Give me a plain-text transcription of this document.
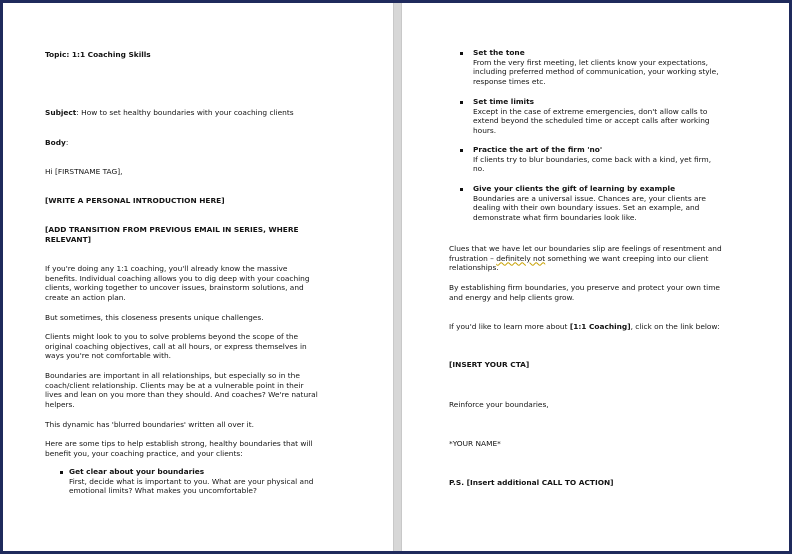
Topic: 1:1 Coaching Skills
Subject: How to set healthy boundaries with your coaching clients
Body:
Hi [FIRSTNAME TAG],
[WRITE A PERSONAL INTRODUCTION HERE]
[ADD TRANSITION FROM PREVIOUS EMAIL IN SERIES, WHERE
RELEVANT]
If you're doing any 1:1 coaching, you'll already know the massive
benefits. Individual coaching allows you to dig deep with your coaching
clients, working together to uncover issues, brainstorm solutions, and
create an action plan.
But sometimes, this closeness presents unique challenges.
Clients might look to you to solve problems beyond the scope of the
original coaching objectives, call at all hours, or express themselves in
ways you're not comfortable with.
Boundaries are important in all relationships, but especially so in the
coach/client relationship. Clients may be at a vulnerable point in their
lives and lean on you more than they should. And coaches? We're natural
helpers.
This dynamic has 'blurred boundaries' written all over it.
Here are some tips to help establish strong, healthy boundaries that will
benefit you, your coaching practice, and your clients:
Get clear about your boundaries
First, decide what is important to you. What are your physical and
emotional limits? What makes you uncomfortable?
Set the tone
From the very first meeting, let clients know your expectations,
including preferred method of communication, your working style,
response times etc.
Set time limits
Except in the case of extreme emergencies, don't allow calls to
extend beyond the scheduled time or accept calls after working
hours.
Practice the art of the firm 'no'
If clients try to blur boundaries, come back with a kind, yet firm,
no.
Give your clients the gift of learning by example
Boundaries are a universal issue. Chances are, your clients are
dealing with their own boundary issues. Set an example, and
demonstrate what firm boundaries look like.
Clues that we have let our boundaries slip are feelings of resentment and
frustration – definitely not something we want creeping into our client
relationships.
By establishing firm boundaries, you preserve and protect your own time
and energy and help clients grow.
If you'd like to learn more about [1:1 Coaching], click on the link below:
[INSERT YOUR CTA]
Reinforce your boundaries,
*YOUR NAME*
P.S. [Insert additional CALL TO ACTION]
